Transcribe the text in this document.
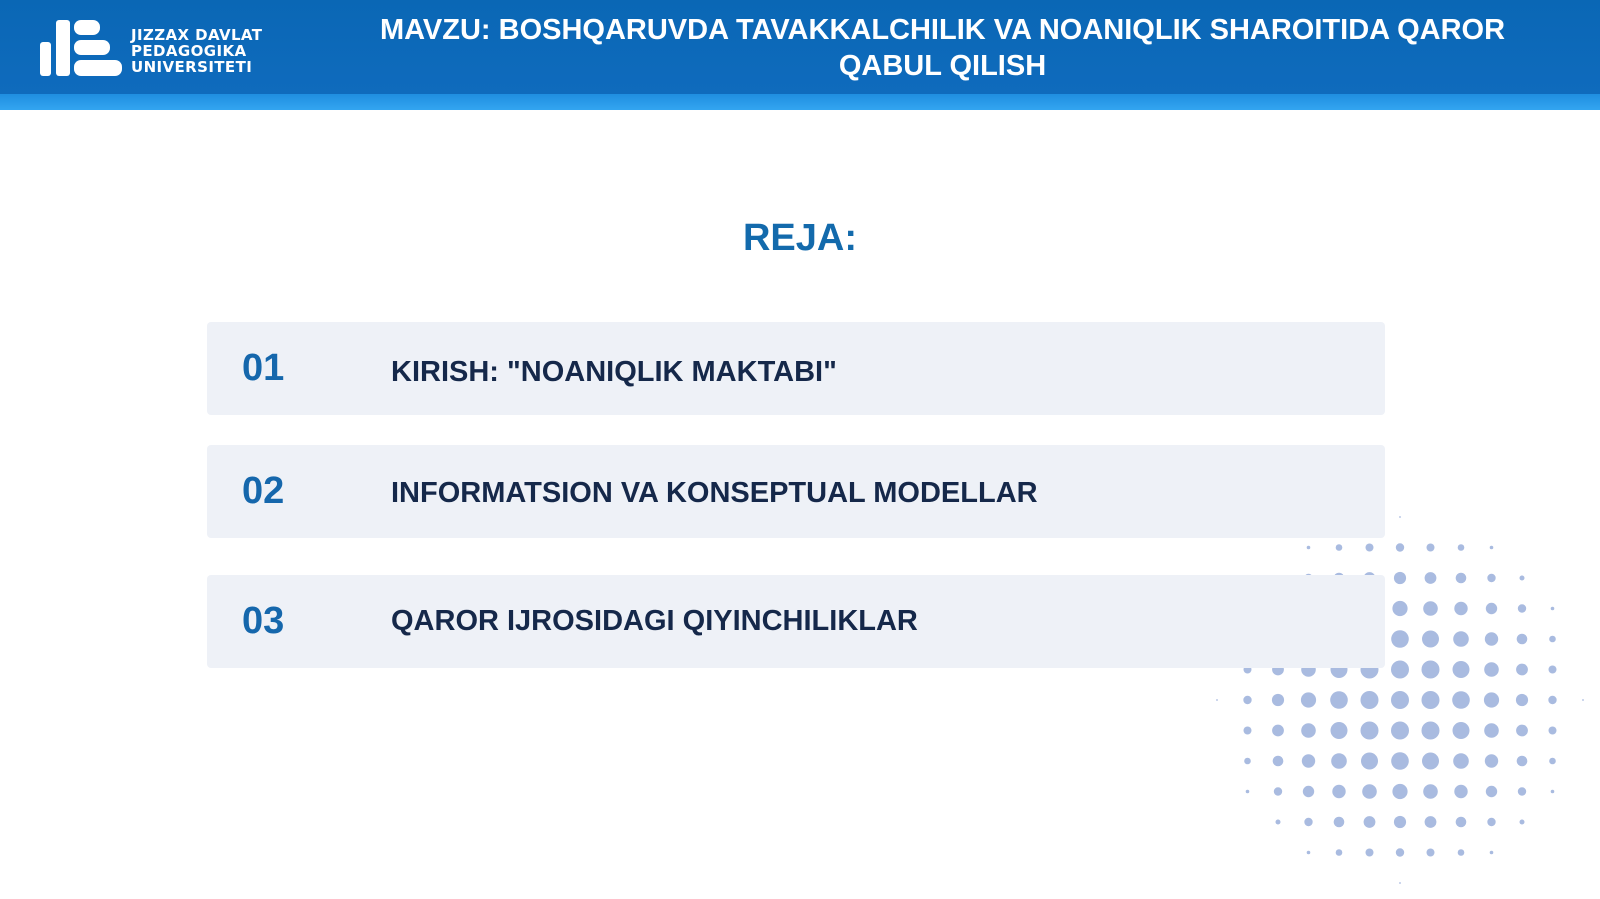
JIZZAX DAVLAT
PEDAGOGIKA
UNIVERSITETI
MAVZU: BOSHQARUVDA TAVAKKALCHILIK VA NOANIQLIK SHAROITIDA QAROR QABUL QILISH
REJA:
01	KIRISH: "NOANIQLIK MAKTABI"
02	INFORMATSION VA KONSEPTUAL MODELLAR
03	QAROR IJROSIDAGI QIYINCHILIKLAR
